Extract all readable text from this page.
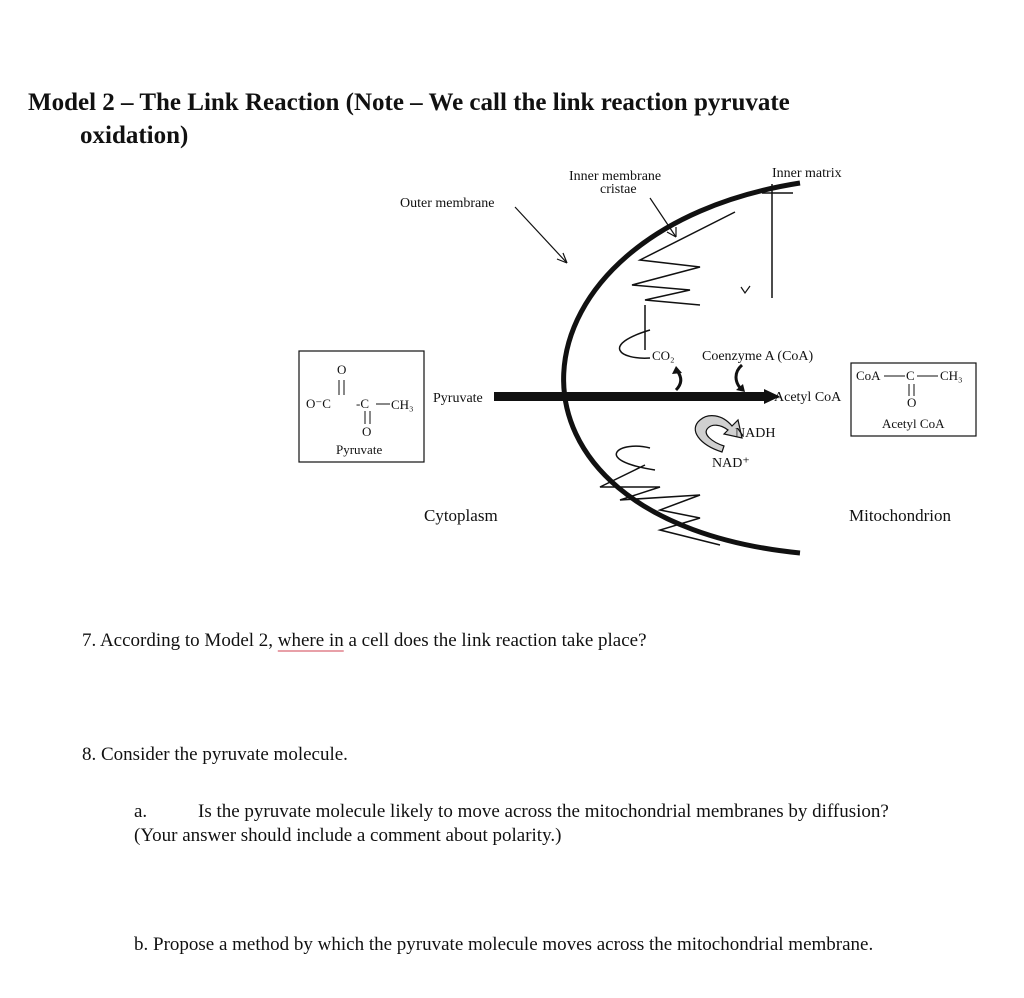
Model 2 – The Link Reaction (Note – We call the link reaction pyruvate
oxidation)
Outer membrane
Inner membrane
cristae
Inner matrix
CO₂ Coenzyme A (CoA)
Pyruvate	Acetyl CoA
NADH
NAD⁺
Cytoplasm	Mitochondrion
O
O⁻C -C CH₃
O
Pyruvate
CoA C CH₃
O
Acetyl CoA
7. According to Model 2, where in a cell does the link reaction take place?
8. Consider the pyruvate molecule.
a.	Is the pyruvate molecule likely to move across the mitochondrial membranes by diffusion?
(Your answer should include a comment about polarity.)
b. Propose a method by which the pyruvate molecule moves across the mitochondrial membrane.
